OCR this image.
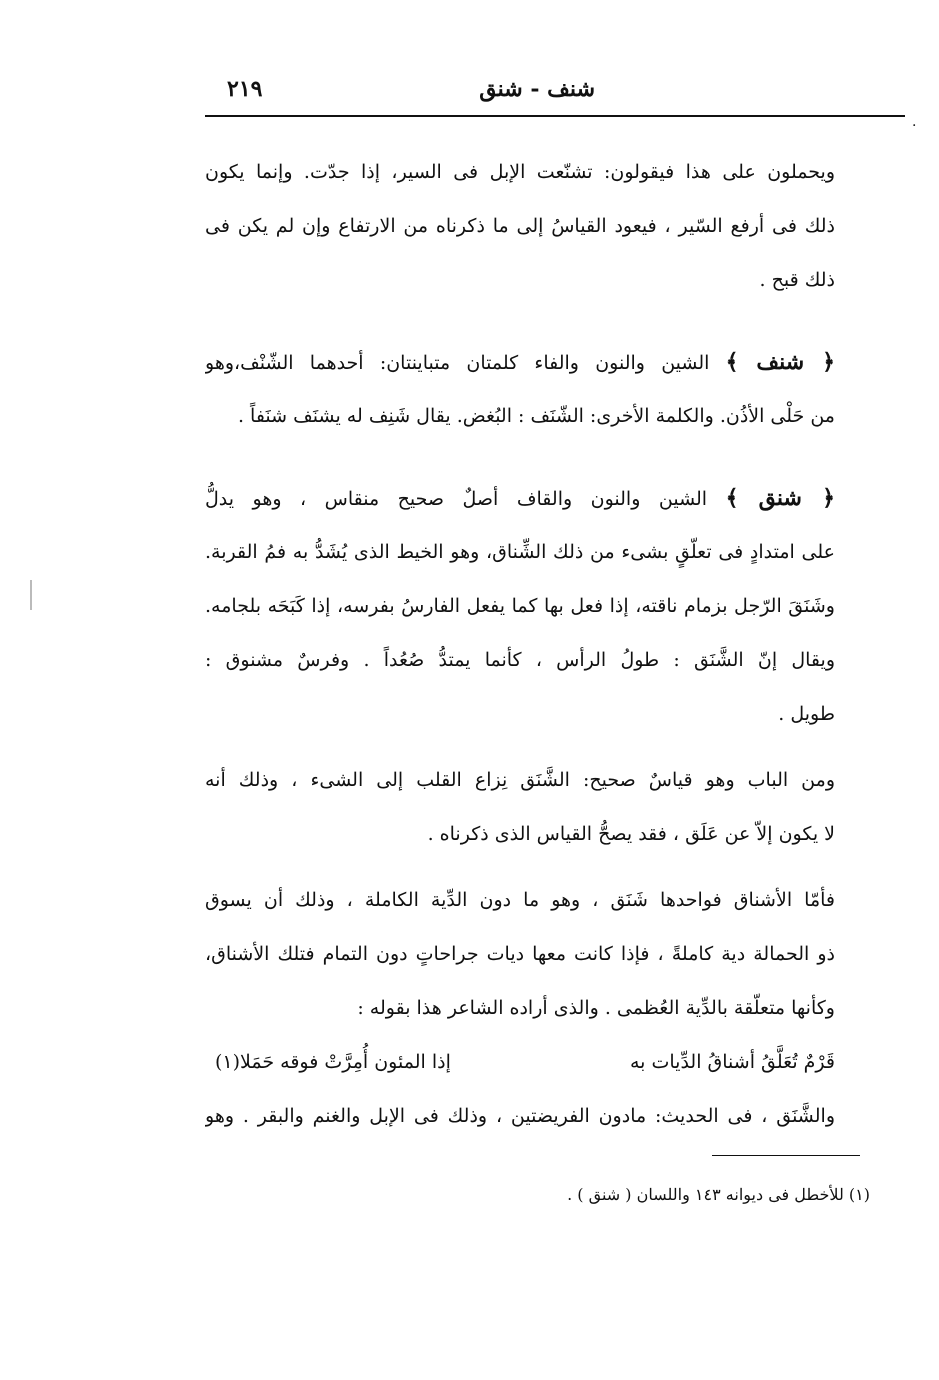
شنف - شنق
٢١٩
·
ويحملون على هذا فيقولون: تشنّعت الإبل فى السير، إذا جدّت. وإنما يكون
ذلك فى أرفع السّير ، فيعود القياسُ إلى ما ذكرناه من الارتفاع وإن لم يكن فى
ذلك قبح .
﴿ شنف ﴾ الشين والنون والفاء كلمتان متباينتان: أحدهما الشّنْف،وهو
من حَلْى الأذُن. والكلمة الأخرى: الشّنَف : البُغض. يقال شَنِف له يشنَف شنَفاً .
﴿ شنق ﴾ الشين والنون والقاف أصلٌ صحيح منقاس ، وهو يدلُّ
على امتدادٍ فى تعلّقٍ بشىء من ذلك الشِّناق، وهو الخيط الذى يُشَدُّ به فمُ القربة.
وشَنَقَ الرّجل بزمام ناقته، إذا فعل بها كما يفعل الفارسُ بفرسه، إذا كَبَحَه بلجامه.
ويقال إنّ الشَّنَق : طولُ الرأس ، كأنما يمتدُّ صُعُداً . وفرسٌ مشنوق :
طويل .
ومن الباب وهو قياسٌ صحيح: الشَّنَق نِزاع القلب إلى الشىء ، وذلك أنه
لا يكون إلاّ عن عَلَق ، فقد يصحُّ القياس الذى ذكرناه .
فأمّا الأشناق فواحدها شَنَق ، وهو ما دون الدِّية الكاملة ، وذلك أن يسوق
ذو الحمالة دية كاملةً ، فإذا كانت معها ديات جراحاتٍ دون التمام فتلك الأشناق،
وكأنها متعلّقة بالدِّية العُظمى . والذى أراده الشاعر هذا بقوله :
قَرْمٌ تُعَلَّقُ أشناقُ الدِّيات به
إذا المئون أُمِرَّتْ فوقه حَمَلا(١)
والشَّنَق ، فى الحديث: مادون الفريضتين ، وذلك فى الإبل والغنم والبقر . وهو
(١) للأخطل فى ديوانه ١٤٣ واللسان ( شنق ) .
